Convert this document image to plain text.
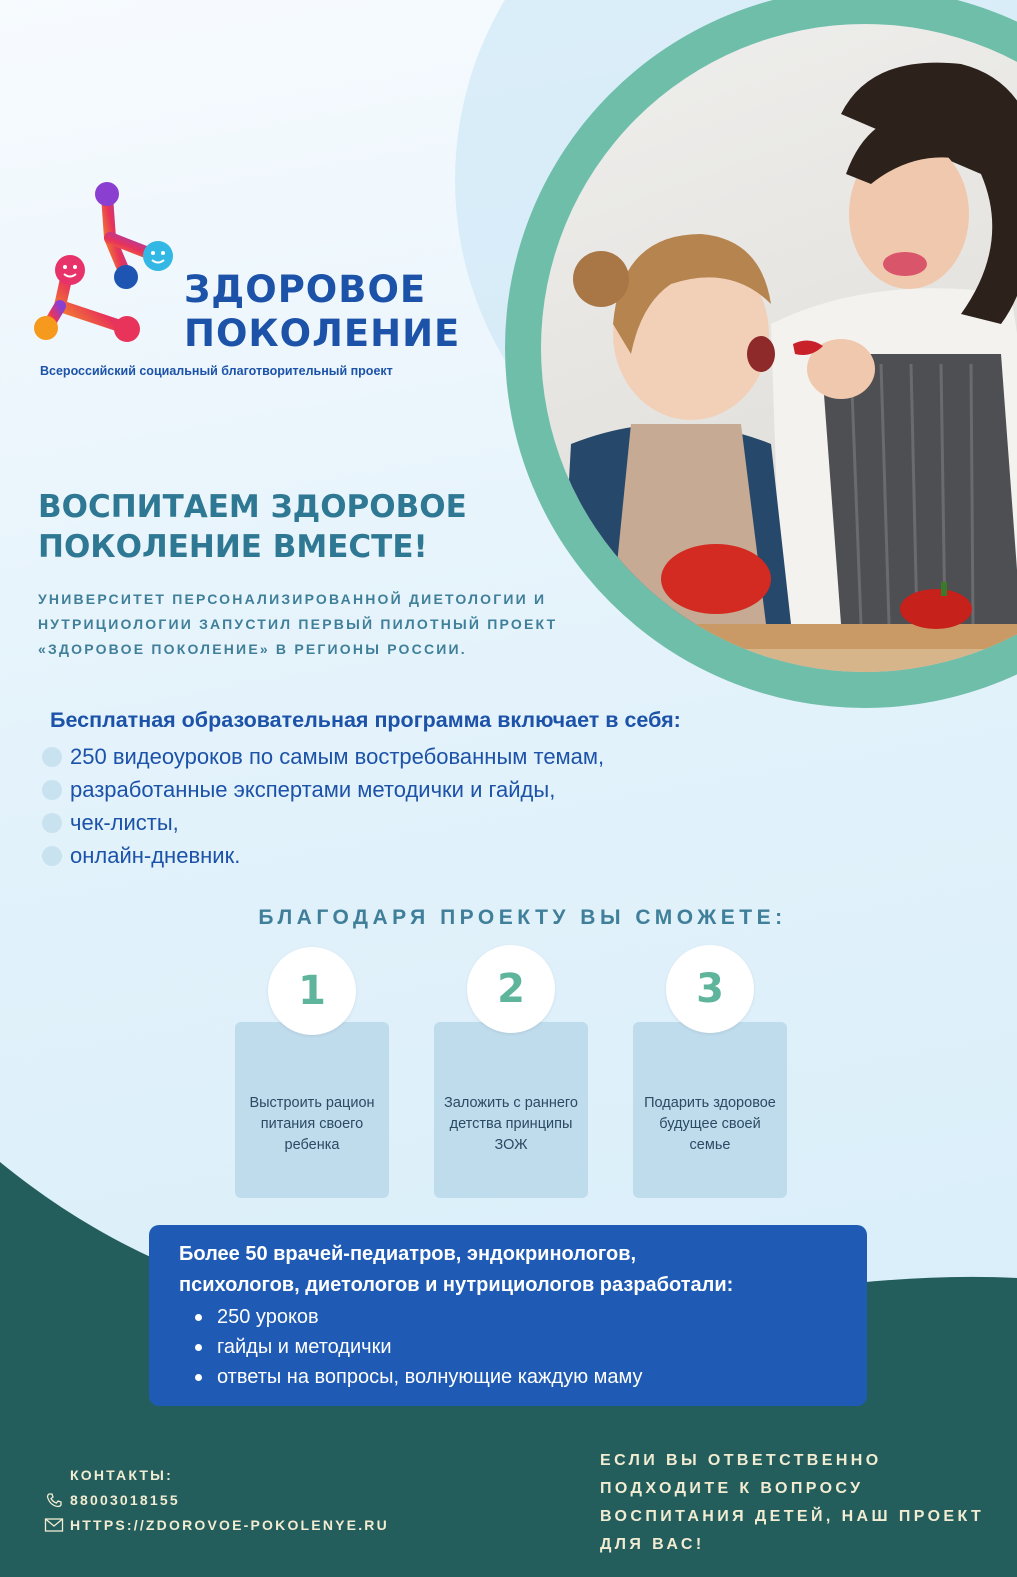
ЗДОРОВОЕ
ПОКОЛЕНИЕ
Всероссийский социальный благотворительный проект
ВОСПИТАЕМ ЗДОРОВОЕ
ПОКОЛЕНИЕ ВМЕСТЕ!
УНИВЕРСИТЕТ ПЕРСОНАЛИЗИРОВАННОЙ ДИЕТОЛОГИИ И
НУТРИЦИОЛОГИИ ЗАПУСТИЛ ПЕРВЫЙ ПИЛОТНЫЙ ПРОЕКТ
«ЗДОРОВОЕ ПОКОЛЕНИЕ» В РЕГИОНЫ РОССИИ.
Бесплатная образовательная программа включает в себя:
250 видеоуроков по самым востребованным темам,
разработанные экспертами методички и гайды,
чек-листы,
онлайн-дневник.
БЛАГОДАРЯ ПРОЕКТУ ВЫ СМОЖЕТЕ:
Выстроить рацион питания своего ребенка
Заложить с раннего детства принципы ЗОЖ
Подарить здоровое будущее своей семье
1	2	3
Более 50 врачей-педиатров, эндокринологов,
психологов, диетологов и нутрициологов разработали:
250 уроков
гайды и методички
ответы на вопросы, волнующие каждую маму
КОНТАКТЫ:
88003018155
HTTPS://ZDOROVOE-POKOLENYE.RU
ЕСЛИ ВЫ ОТВЕТСТВЕННО
ПОДХОДИТЕ К ВОПРОСУ
ВОСПИТАНИЯ ДЕТЕЙ, НАШ ПРОЕКТ
ДЛЯ ВАС!
